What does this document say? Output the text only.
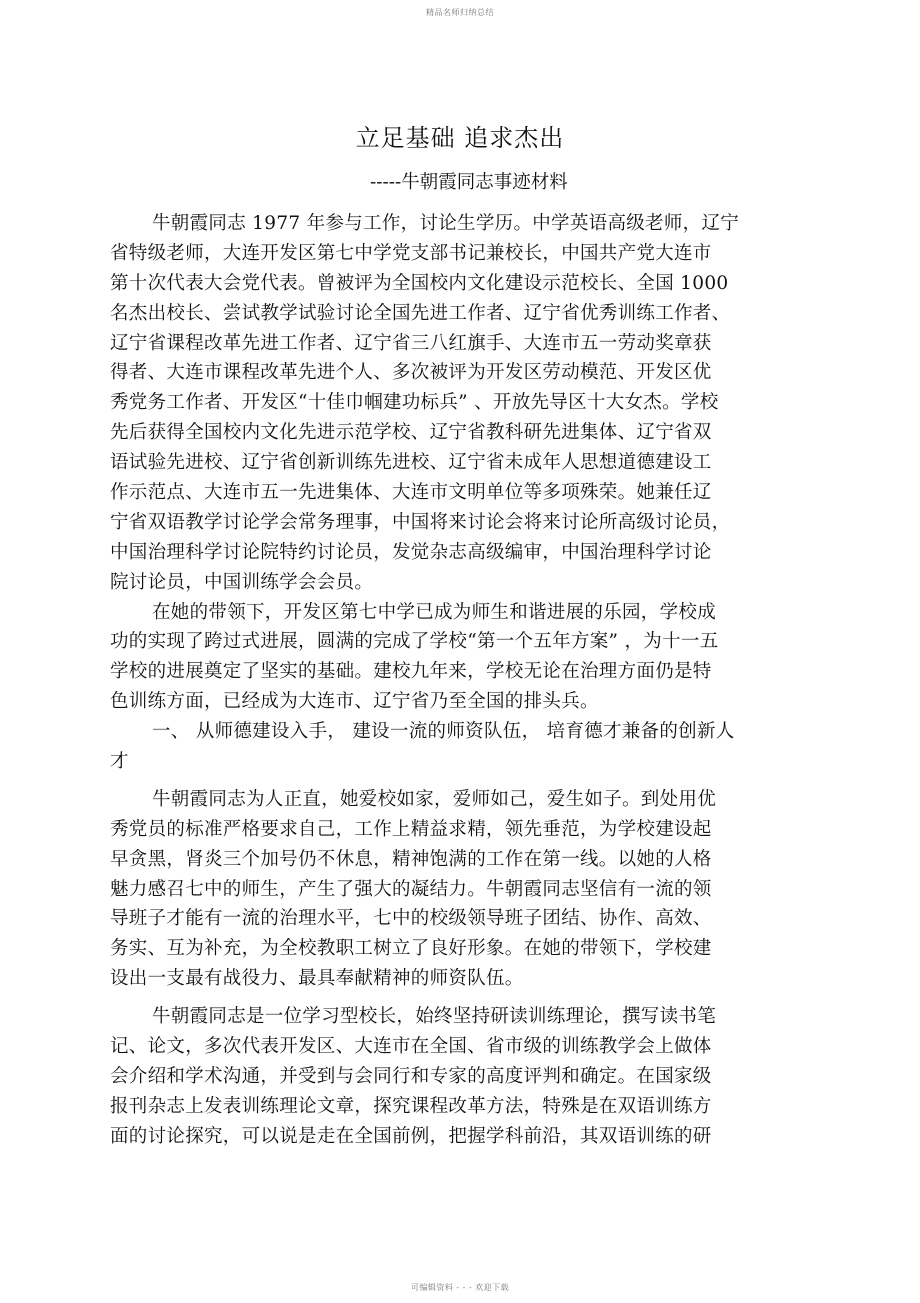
精品名师归纳总结
立足基础 追求杰出
-----牛朝霞同志事迹材料
牛朝霞同志 1977 年参与工作，讨论生学历。中学英语高级老师，辽宁
省特级老师，大连开发区第七中学党支部书记兼校长，中国共产党大连市
第十次代表大会党代表。曾被评为全国校内文化建设示范校长、全国 1000
名杰出校长、尝试教学试验讨论全国先进工作者、辽宁省优秀训练工作者、
辽宁省课程改革先进工作者、辽宁省三八红旗手、大连市五一劳动奖章获
得者、大连市课程改革先进个人、多次被评为开发区劳动模范、开发区优
秀党务工作者、开发区“十佳巾帼建功标兵” 、开放先导区十大女杰。学校
先后获得全国校内文化先进示范学校、辽宁省教科研先进集体、辽宁省双
语试验先进校、辽宁省创新训练先进校、辽宁省未成年人思想道德建设工
作示范点、大连市五一先进集体、大连市文明单位等多项殊荣。她兼任辽
宁省双语教学讨论学会常务理事，中国将来讨论会将来讨论所高级讨论员，
中国治理科学讨论院特约讨论员，发觉杂志高级编审，中国治理科学讨论
院讨论员，中国训练学会会员。
在她的带领下，开发区第七中学已成为师生和谐进展的乐园，学校成
功的实现了跨过式进展，圆满的完成了学校“第一个五年方案” ，为十一五
学校的进展奠定了坚实的基础。建校九年来，学校无论在治理方面仍是特
色训练方面，已经成为大连市、辽宁省乃至全国的排头兵。
一、 从师德建设入手， 建设一流的师资队伍， 培育德才兼备的创新人
才
牛朝霞同志为人正直，她爱校如家，爱师如己，爱生如子。到处用优
秀党员的标准严格要求自己，工作上精益求精，领先垂范，为学校建设起
早贪黑，肾炎三个加号仍不休息，精神饱满的工作在第一线。以她的人格
魅力感召七中的师生，产生了强大的凝结力。牛朝霞同志坚信有一流的领
导班子才能有一流的治理水平，七中的校级领导班子团结、协作、高效、
务实、互为补充，为全校教职工树立了良好形象。在她的带领下，学校建
设出一支最有战役力、最具奉献精神的师资队伍。
牛朝霞同志是一位学习型校长，始终坚持研读训练理论，撰写读书笔
记、论文，多次代表开发区、大连市在全国、省市级的训练教学会上做体
会介绍和学术沟通，并受到与会同行和专家的高度评判和确定。在国家级
报刊杂志上发表训练理论文章，探究课程改革方法，特殊是在双语训练方
面的讨论探究，可以说是走在全国前例，把握学科前沿，其双语训练的研
可编辑资料 - - - 欢迎下载
